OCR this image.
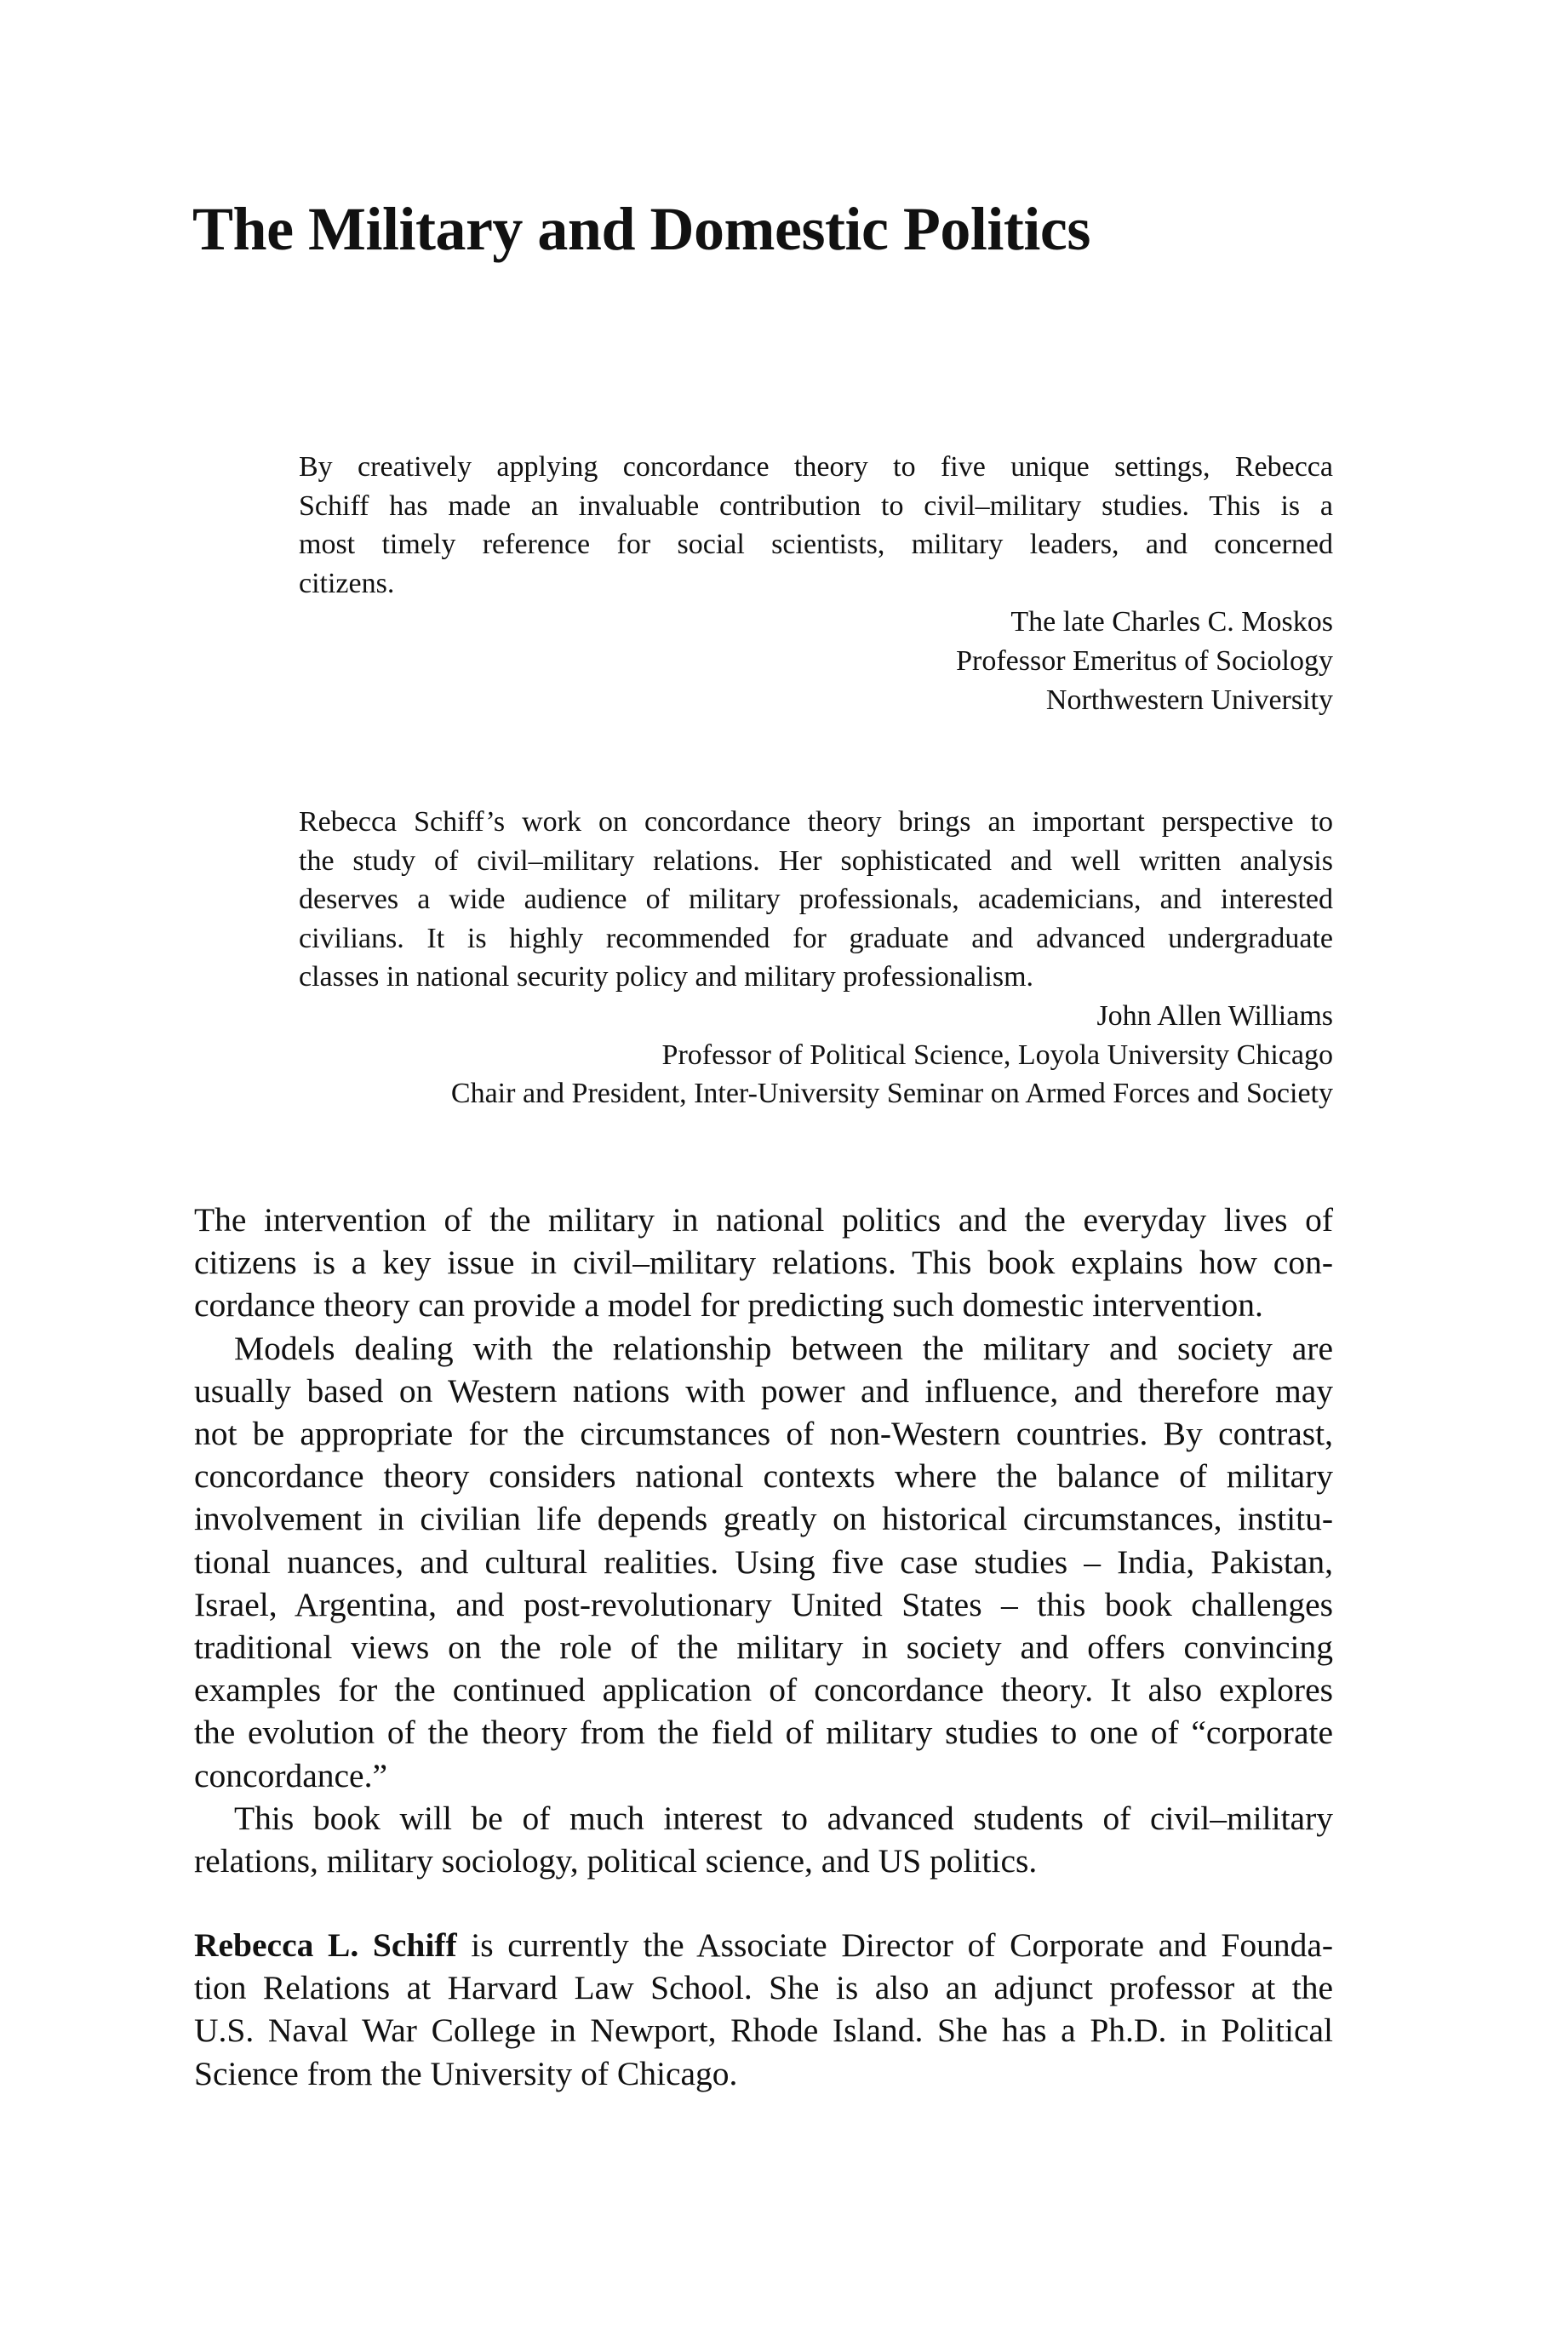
The Military and Domestic Politics
By creatively applying concordance theory to five unique settings, Rebecca
Schiff has made an invaluable contribution to civil–military studies. This is a
most timely reference for social scientists, military leaders, and concerned
citizens.
The late Charles C. Moskos
Professor Emeritus of Sociology
Northwestern University
Rebecca Schiff’s work on concordance theory brings an important perspective to
the study of civil–military relations. Her sophisticated and well written analysis
deserves a wide audience of military professionals, academicians, and interested
civilians. It is highly recommended for graduate and advanced undergraduate
classes in national security policy and military professionalism.
John Allen Williams
Professor of Political Science, Loyola University Chicago
Chair and President, Inter-University Seminar on Armed Forces and Society
The intervention of the military in national politics and the everyday lives of
citizens is a key issue in civil–military relations. This book explains how con-
cordance theory can provide a model for predicting such domestic intervention.
Models dealing with the relationship between the military and society are
usually based on Western nations with power and influence, and therefore may
not be appropriate for the circumstances of non-Western countries. By contrast,
concordance theory considers national contexts where the balance of military
involvement in civilian life depends greatly on historical circumstances, institu-
tional nuances, and cultural realities. Using five case studies – India, Pakistan,
Israel, Argentina, and post-revolutionary United States – this book challenges
traditional views on the role of the military in society and offers convincing
examples for the continued application of concordance theory. It also explores
the evolution of the theory from the field of military studies to one of “corporate
concordance.”
This book will be of much interest to advanced students of civil–military
relations, military sociology, political science, and US politics.
Rebecca L. Schiff is currently the Associate Director of Corporate and Founda-
tion Relations at Harvard Law School. She is also an adjunct professor at the
U.S. Naval War College in Newport, Rhode Island. She has a Ph.D. in Political
Science from the University of Chicago.
